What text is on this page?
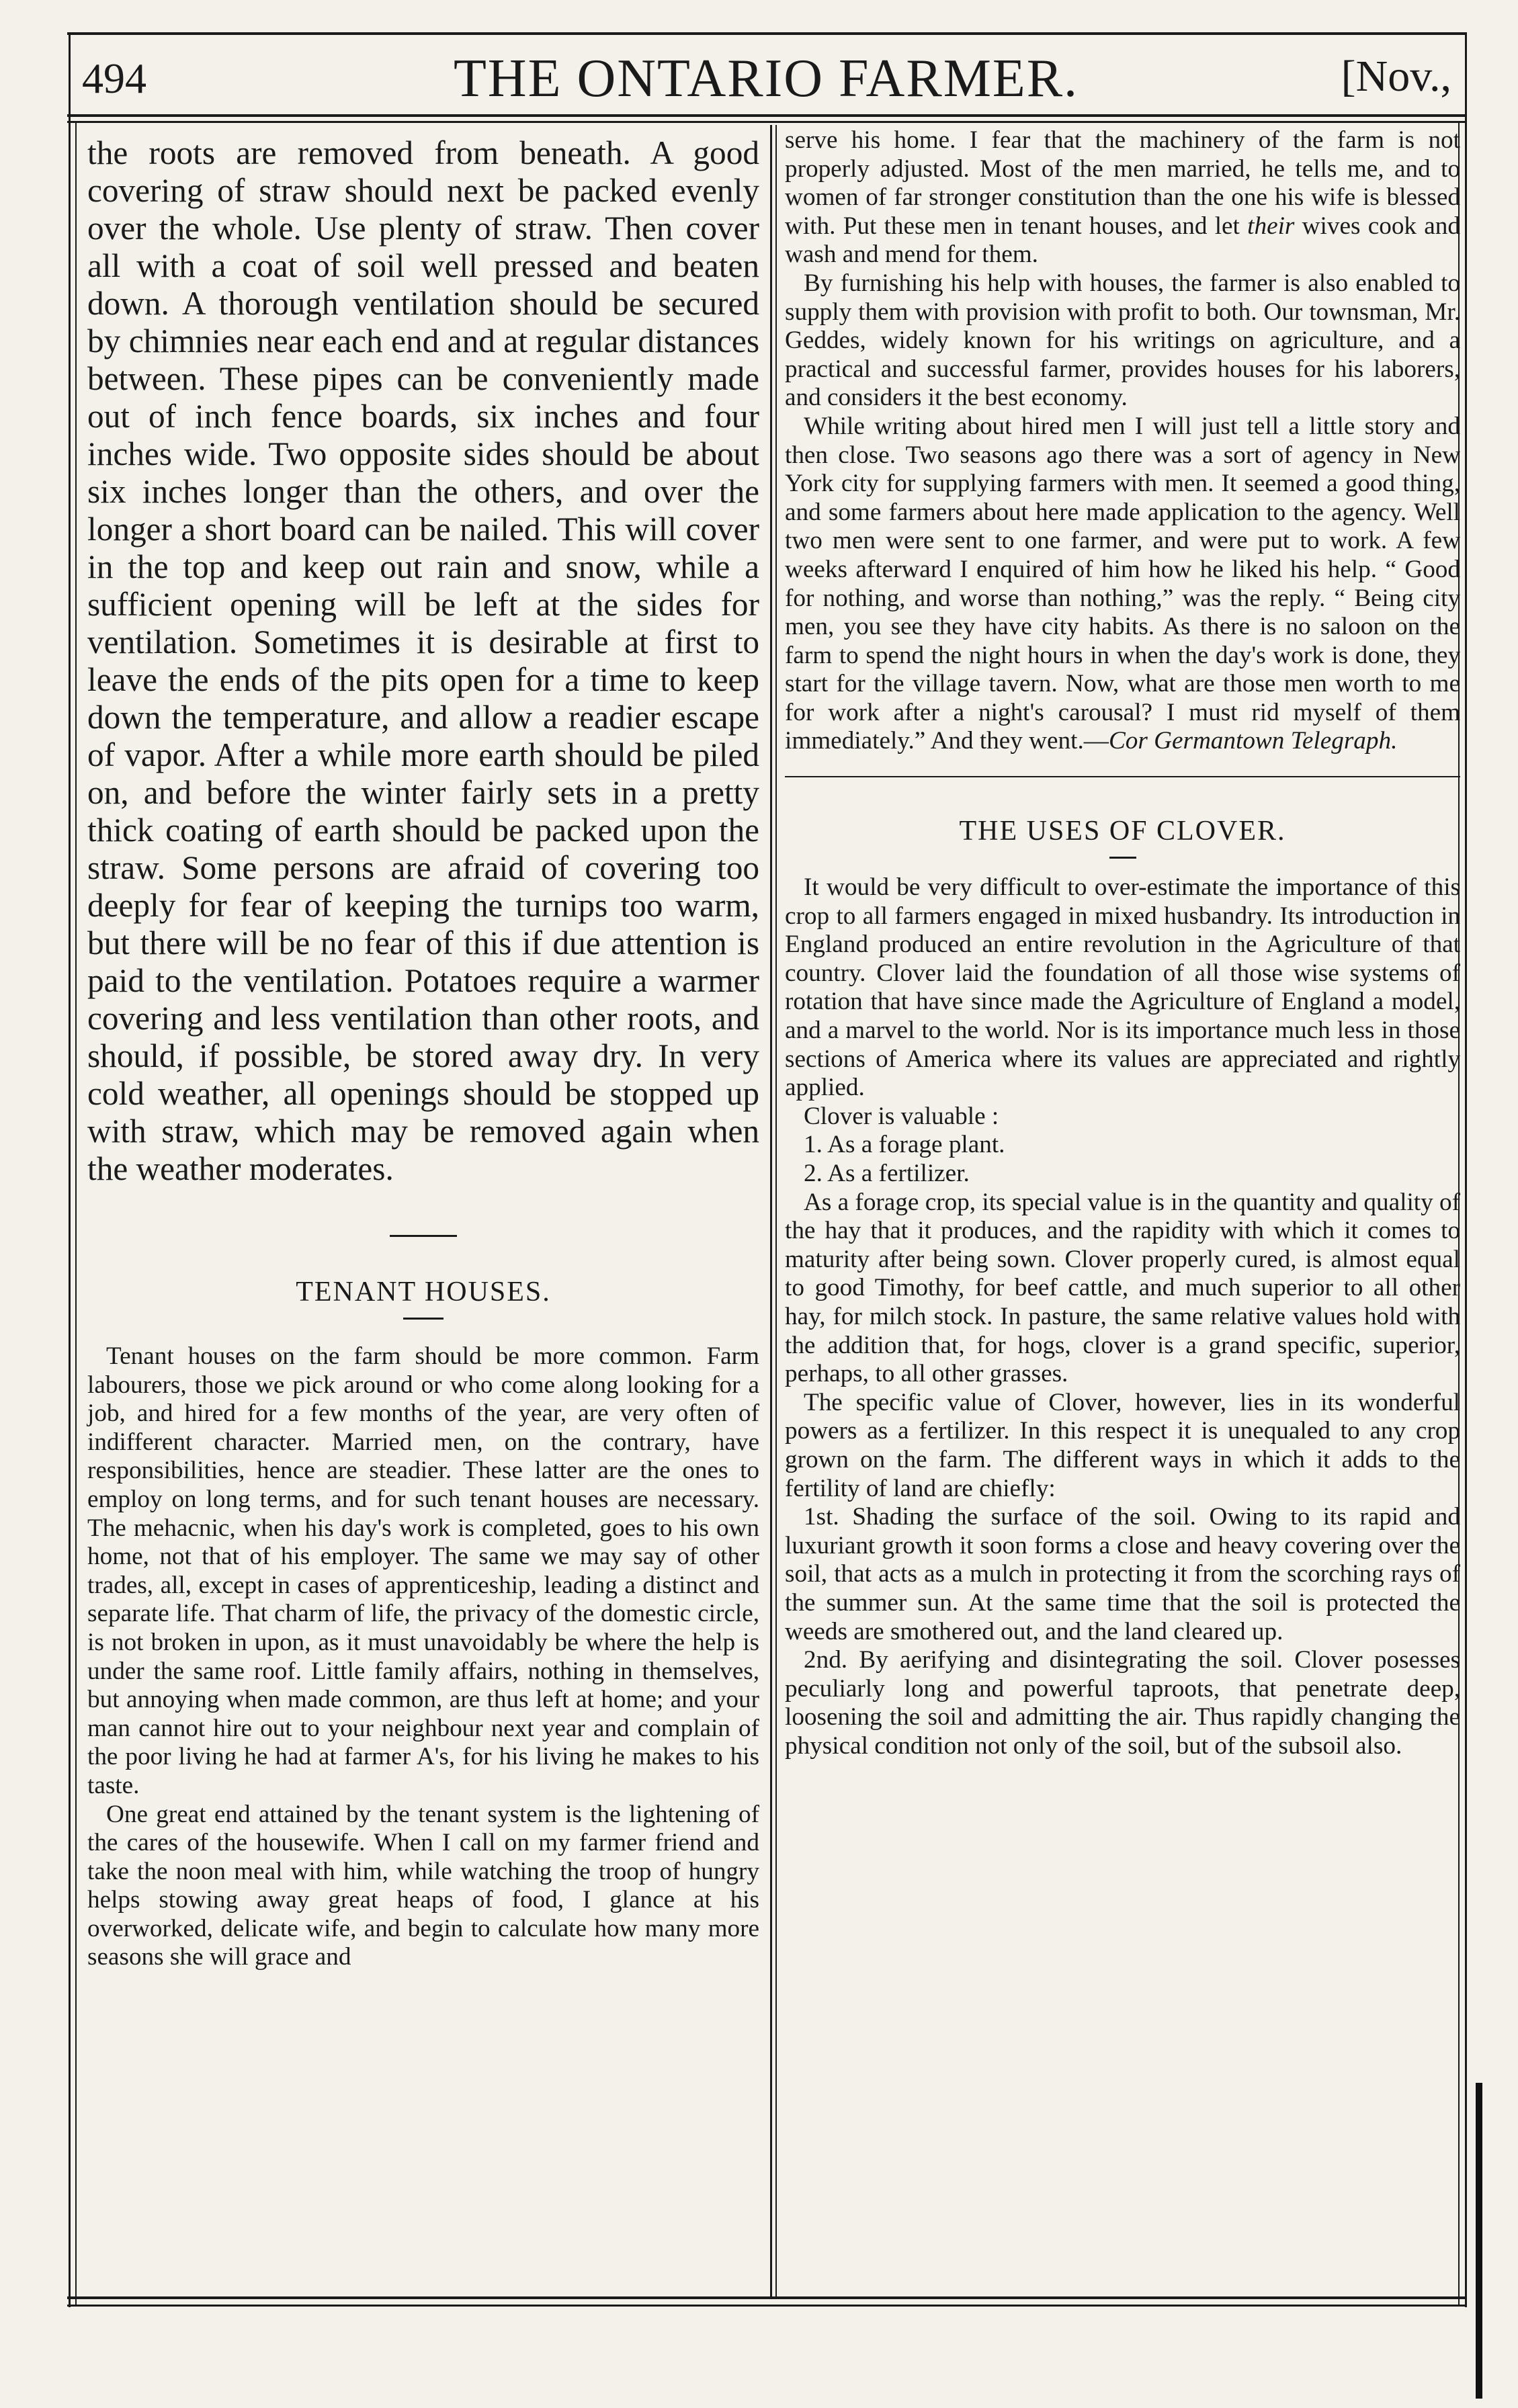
494	THE ONTARIO FARMER.	[Nov.,

the roots are removed from beneath. A good covering of straw should next be packed evenly over the whole. Use plenty of straw. Then cover all with a coat of soil well pressed and beaten down. A thorough ventilation should be secured by chimnies near each end and at regular distances between. These pipes can be conveniently made out of inch fence boards, six inches and four inches wide. Two opposite sides should be about six inches longer than the others, and over the longer a short board can be nailed. This will cover in the top and keep out rain and snow, while a sufficient opening will be left at the sides for ventilation. Sometimes it is desirable at first to leave the ends of the pits open for a time to keep down the temperature, and allow a readier escape of vapor. After a while more earth should be piled on, and before the winter fairly sets in a pretty thick coating of earth should be packed upon the straw. Some persons are afraid of covering too deeply for fear of keeping the turnips too warm, but there will be no fear of this if due attention is paid to the ventilation. Potatoes require a warmer covering and less ventilation than other roots, and should, if possible, be stored away dry. In very cold weather, all openings should be stopped up with straw, which may be removed again when the weather moderates.

TENANT HOUSES.

Tenant houses on the farm should be more common. Farm labourers, those we pick around or who come along looking for a job, and hired for a few months of the year, are very often of indifferent character. Married men, on the contrary, have responsibilities, hence are steadier. These latter are the ones to employ on long terms, and for such tenant houses are necessary. The mehacnic, when his day's work is completed, goes to his own home, not that of his employer. The same we may say of other trades, all, except in cases of apprenticeship, leading a distinct and separate life. That charm of life, the privacy of the domestic circle, is not broken in upon, as it must unavoidably be where the help is under the same roof. Little family affairs, nothing in themselves, but annoying when made common, are thus left at home; and your man cannot hire out to your neighbour next year and complain of the poor living he had at farmer A's, for his living he makes to his taste.

One great end attained by the tenant system is the lightening of the cares of the housewife. When I call on my farmer friend and take the noon meal with him, while watching the troop of hungry helps stowing away great heaps of food, I glance at his overworked, delicate wife, and begin to calculate how many more seasons she will grace and

serve his home. I fear that the machinery of the farm is not properly adjusted. Most of the men married, he tells me, and to women of far stronger constitution than the one his wife is blessed with. Put these men in tenant houses, and let their wives cook and wash and mend for them.

By furnishing his help with houses, the farmer is also enabled to supply them with provision with profit to both. Our townsman, Mr. Geddes, widely known for his writings on agriculture, and a practical and successful farmer, provides houses for his laborers, and considers it the best economy.

While writing about hired men I will just tell a little story and then close. Two seasons ago there was a sort of agency in New York city for supplying farmers with men. It seemed a good thing, and some farmers about here made application to the agency. Well two men were sent to one farmer, and were put to work. A few weeks afterward I enquired of him how he liked his help. “ Good for nothing, and worse than nothing,” was the reply. “ Being city men, you see they have city habits. As there is no saloon on the farm to spend the night hours in when the day's work is done, they start for the village tavern. Now, what are those men worth to me for work after a night's carousal? I must rid myself of them immediately.” And they went.—Cor Germantown Telegraph.

THE USES OF CLOVER.

It would be very difficult to over-estimate the importance of this crop to all farmers engaged in mixed husbandry. Its introduction in England produced an entire revolution in the Agriculture of that country. Clover laid the foundation of all those wise systems of rotation that have since made the Agriculture of England a model, and a marvel to the world. Nor is its importance much less in those sections of America where its values are appreciated and rightly applied.

Clover is valuable :

1. As a forage plant.

2. As a fertilizer.

As a forage crop, its special value is in the quantity and quality of the hay that it produces, and the rapidity with which it comes to maturity after being sown. Clover properly cured, is almost equal to good Timothy, for beef cattle, and much superior to all other hay, for milch stock. In pasture, the same relative values hold with the addition that, for hogs, clover is a grand specific, superior, perhaps, to all other grasses.

The specific value of Clover, however, lies in its wonderful powers as a fertilizer. In this respect it is unequaled to any crop grown on the farm. The different ways in which it adds to the fertility of land are chiefly:

1st. Shading the surface of the soil. Owing to its rapid and luxuriant growth it soon forms a close and heavy covering over the soil, that acts as a mulch in protecting it from the scorching rays of the summer sun. At the same time that the soil is protected the weeds are smothered out, and the land cleared up.

2nd. By aerifying and disintegrating the soil. Clover posesses peculiarly long and powerful taproots, that penetrate deep, loosening the soil and admitting the air. Thus rapidly changing the physical condition not only of the soil, but of the subsoil also.
